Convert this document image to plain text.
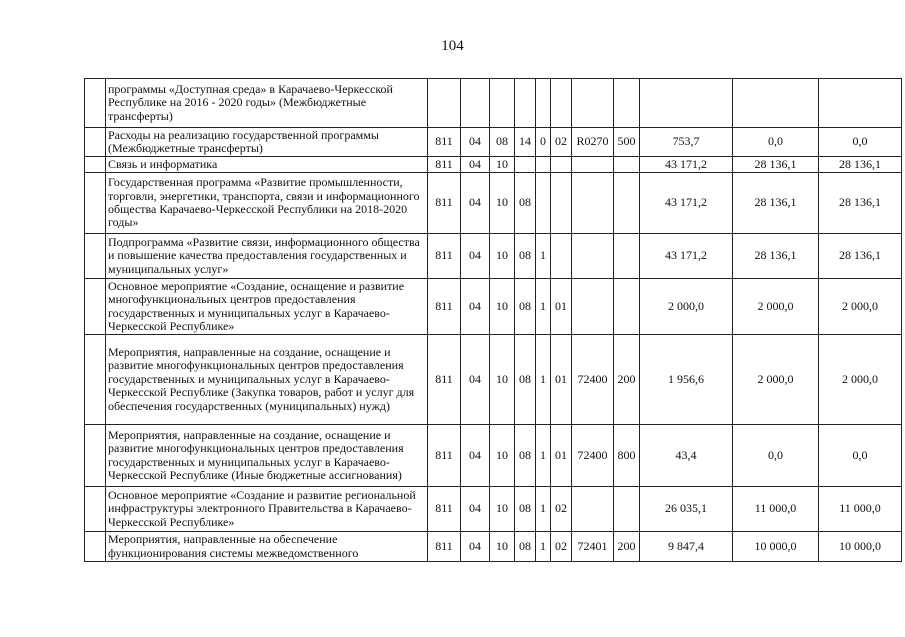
104
	программы «Доступная среда» в Карачаево-Черкесской Республике на 2016 - 2020 годы» (Межбюджетные трансферты)											
	Расходы на реализацию государственной программы (Межбюджетные трансферты)	811	04	08	14	0	02	R0270	500	753,7	0,0	0,0
	Связь и информатика	811	04	10						43 171,2	28 136,1	28 136,1
	Государственная программа «Развитие промышленности, торговли, энергетики, транспорта, связи и информационного общества Карачаево-Черкесской Республики на 2018-2020 годы»	811	04	10	08					43 171,2	28 136,1	28 136,1
	Подпрограмма «Развитие связи, информационного общества и повышение качества предоставления государственных и муниципальных услуг»	811	04	10	08	1				43 171,2	28 136,1	28 136,1
	Основное мероприятие «Создание, оснащение и развитие многофункциональных центров предоставления государственных и муниципальных услуг в Карачаево-Черкесской Республике»	811	04	10	08	1	01			2 000,0	2 000,0	2 000,0
	Мероприятия, направленные на создание, оснащение и развитие многофункциональных центров предоставления государственных и муниципальных услуг в Карачаево-Черкесской Республике (Закупка товаров, работ и услуг для обеспечения государственных (муниципальных) нужд)	811	04	10	08	1	01	72400	200	1 956,6	2 000,0	2 000,0
	Мероприятия, направленные на создание, оснащение и развитие многофункциональных центров предоставления государственных и муниципальных услуг в Карачаево-Черкесской Республике (Иные бюджетные ассигнования)	811	04	10	08	1	01	72400	800	43,4	0,0	0,0
	Основное мероприятие «Создание и развитие региональной инфраструктуры электронного Правительства в Карачаево-Черкесской Республике»	811	04	10	08	1	02			26 035,1	11 000,0	11 000,0
	Мероприятия, направленные на обеспечение функционирования системы межведомственного	811	04	10	08	1	02	72401	200	9 847,4	10 000,0	10 000,0
